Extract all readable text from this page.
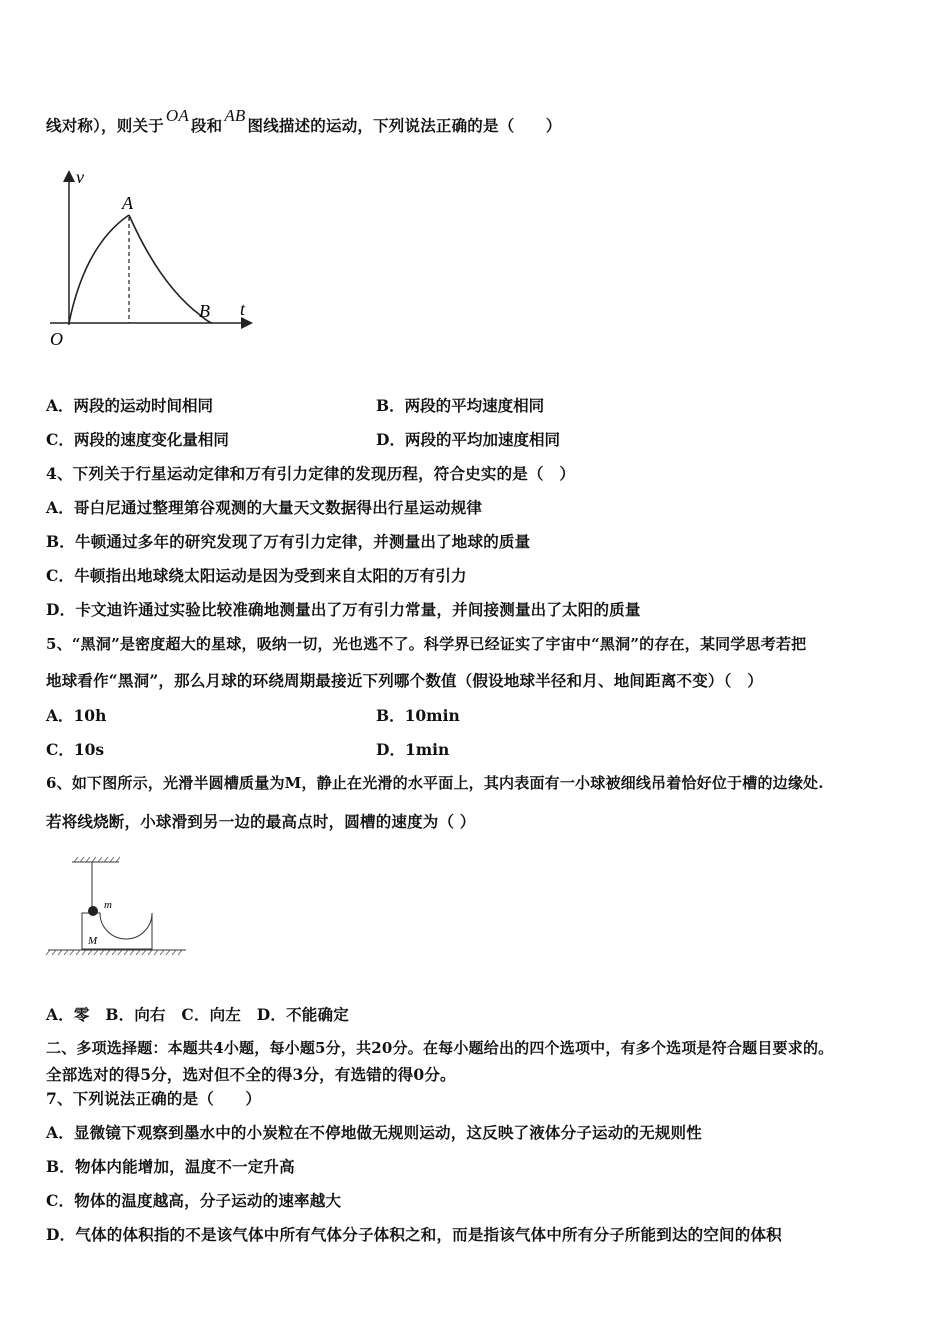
线对称），则关于OA段和AB图线描述的运动，下列说法正确的是（　　）
v
t
O
A
B
A．两段的运动时间相同	B．两段的平均速度相同
C．两段的速度变化量相同	D．两段的平均加速度相同
4、下列关于行星运动定律和万有引力定律的发现历程，符合史实的是（　）
A．哥白尼通过整理第谷观测的大量天文数据得出行星运动规律
B．牛顿通过多年的研究发现了万有引力定律，并测量出了地球的质量
C．牛顿指出地球绕太阳运动是因为受到来自太阳的万有引力
D．卡文迪许通过实验比较准确地测量出了万有引力常量，并间接测量出了太阳的质量
5、“黑洞”是密度超大的星球，吸纳一切，光也逃不了。科学界已经证实了宇宙中“黑洞”的存在，某同学思考若把
地球看作“黑洞”，那么月球的环绕周期最接近下列哪个数值（假设地球半径和月、地间距离不变）（　）
A．10h	B．10min
C．10s	D．1min
6、如下图所示，光滑半圆槽质量为M，静止在光滑的水平面上，其内表面有一小球被细线吊着恰好位于槽的边缘处.
若将线烧断，小球滑到另一边的最高点时，圆槽的速度为（ ）
m
M
A．零　B．向右　C．向左　D．不能确定
二、多项选择题：本题共4小题，每小题5分，共20分。在每小题给出的四个选项中，有多个选项是符合题目要求的。
全部选对的得5分，选对但不全的得3分，有选错的得0分。
7、下列说法正确的是（　　）
A．显微镜下观察到墨水中的小炭粒在不停地做无规则运动，这反映了液体分子运动的无规则性
B．物体内能增加，温度不一定升高
C．物体的温度越高，分子运动的速率越大
D．气体的体积指的不是该气体中所有气体分子体积之和，而是指该气体中所有分子所能到达的空间的体积
